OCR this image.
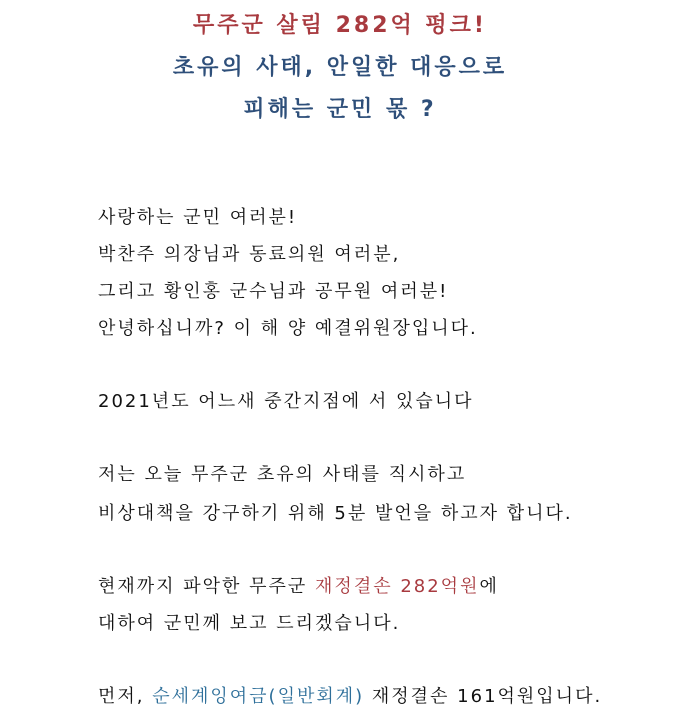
무주군 살림 282억 펑크!
초유의 사태, 안일한 대응으로
피해는 군민 몫 ?
사랑하는 군민 여러분!
박찬주 의장님과 동료의원 여러분,
그리고 황인홍 군수님과 공무원 여러분!
안녕하십니까? 이 해 양 예결위원장입니다.
2021년도 어느새 중간지점에 서 있습니다
저는 오늘 무주군 초유의 사태를 직시하고
비상대책을 강구하기 위해 5분 발언을 하고자 합니다.
현재까지 파악한 무주군 재정결손 282억원에
대하여 군민께 보고 드리겠습니다.
먼저, 순세계잉여금(일반회계) 재정결손 161억원입니다.
